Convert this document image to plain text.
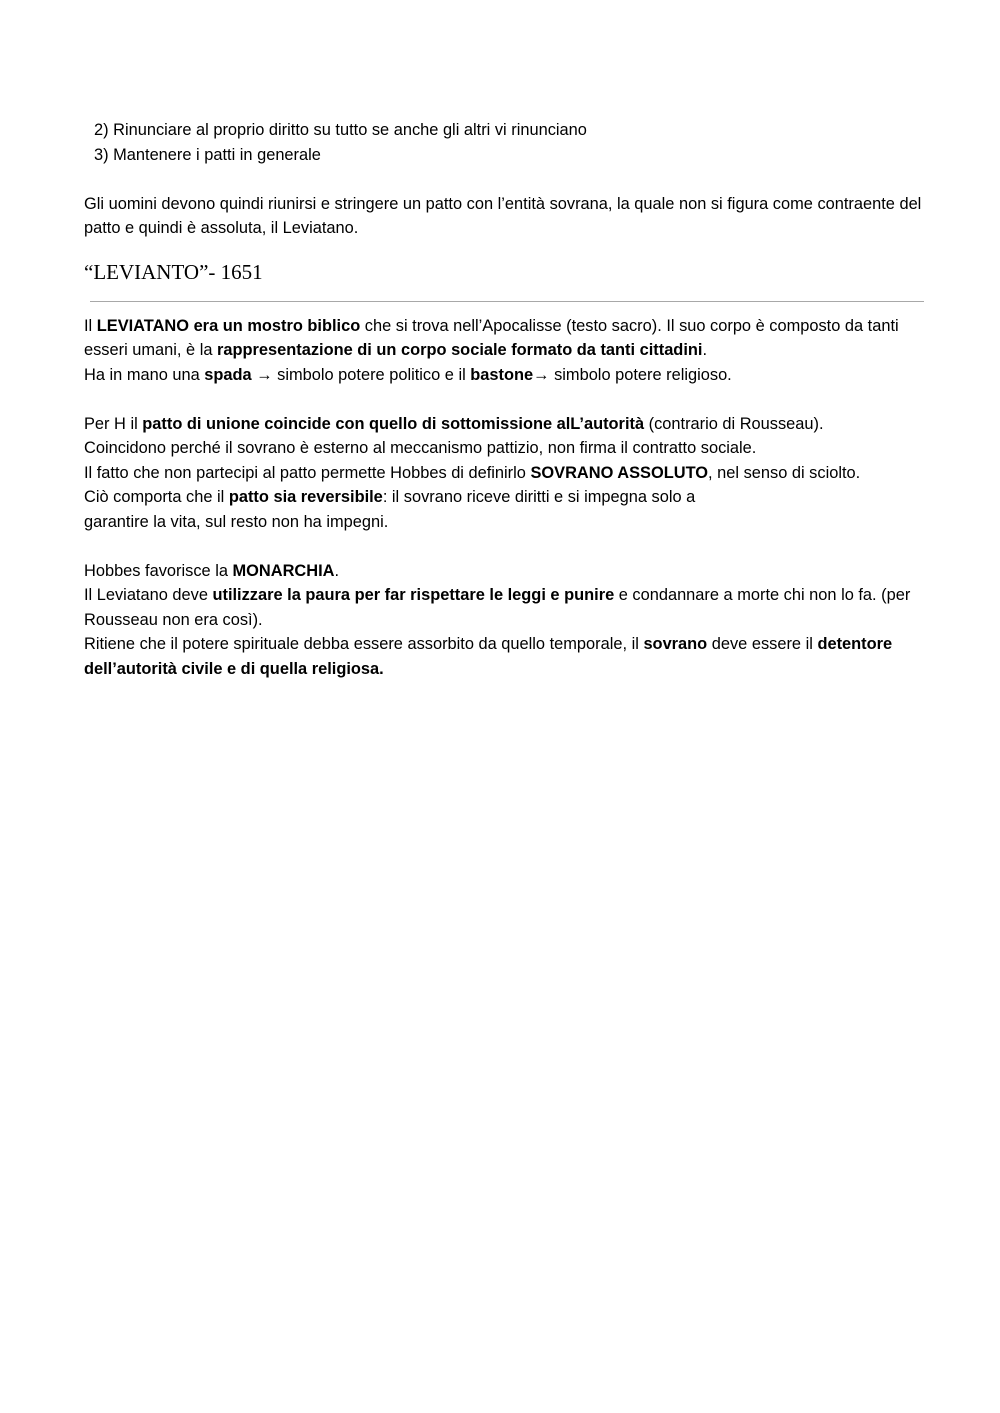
2) Rinunciare al proprio diritto su tutto se anche gli altri vi rinunciano
3) Mantenere i patti in generale

Gli uomini devono quindi riunirsi e stringere un patto con l’entità sovrana, la quale non si figura come contraente del patto e quindi è assoluta, il Leviatano.

“LEVIANTO”- 1651

Il LEVIATANO era un mostro biblico che si trova nell’Apocalisse (testo sacro). Il suo corpo è composto da tanti esseri umani, è la rappresentazione di un corpo sociale formato da tanti cittadini.

Ha in mano una spada → simbolo potere politico e il bastone→ simbolo potere religioso.

Per H il patto di unione coincide con quello di sottomissione alL’autorità (contrario di Rousseau).

Coincidono perché il sovrano è esterno al meccanismo pattizio, non firma il contratto sociale.

Il fatto che non partecipi al patto permette Hobbes di definirlo SOVRANO ASSOLUTO, nel senso di sciolto.

Ciò comporta che il patto sia reversibile: il sovrano riceve diritti e si impegna solo a
garantire la vita, sul resto non ha impegni.

Hobbes favorisce la MONARCHIA.

Il Leviatano deve utilizzare la paura per far rispettare le leggi e punire e condannare a morte chi non lo fa. (per Rousseau non era così).

Ritiene che il potere spirituale debba essere assorbito da quello temporale, il sovrano deve essere il detentore dell’autorità civile e di quella religiosa.
